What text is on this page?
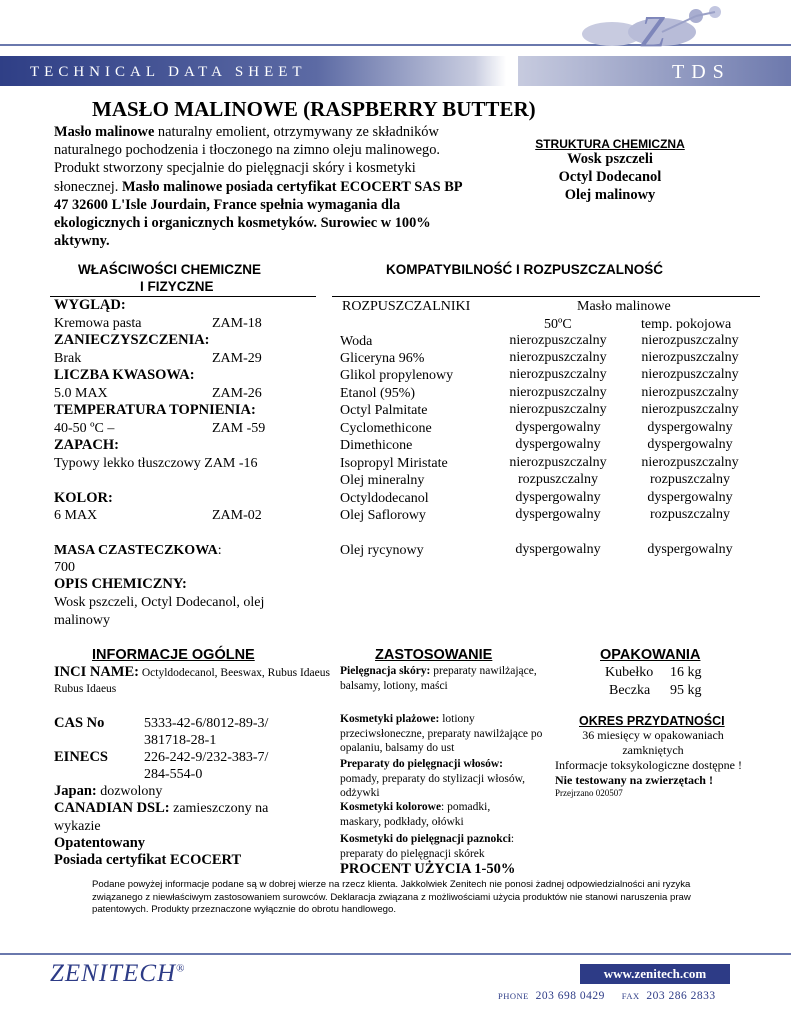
Z
TECHNICAL DATA SHEET	TDS
MASŁO MALINOWE (RASPBERRY BUTTER)
Masło malinowe naturalny emolient, otrzymywany ze składników naturalnego pochodzenia i tłoczonego na zimno oleju malinowego. Produkt stworzony specjalnie do pielęgnacji skóry i kosmetyki słonecznej. Masło malinowe posiada certyfikat ECOCERT SAS BP 47 32600 L'Isle Jourdain, France spełnia wymagania dla ekologicznych i organicznych kosmetyków. Surowiec w 100% aktywny.
STRUKTURA CHEMICZNA
Wosk pszczeli
Octyl Dodecanol
Olej malinowy
WŁAŚCIWOŚCI CHEMICZNE
I FIZYCZNE
WYGLĄD:
Kremowa pasta	ZAM-18
ZANIECZYSZCZENIA:
Brak	ZAM-29
LICZBA KWASOWA:
5.0 MAX	ZAM-26
TEMPERATURA TOPNIENIA:
40-50 ºC –	ZAM -59
ZAPACH:
Typowy lekko tłuszczowy ZAM -16
KOLOR:
6 MAX	ZAM-02
MASA CZASTECZKOWA:
700
OPIS CHEMICZNY:
Wosk pszczeli, Octyl Dodecanol, olej
malinowy
KOMPATYBILNOŚĆ I ROZPUSZCZALNOŚĆ
ROZPUSZCZALNIKI	Masło malinowe
50ºC	temp. pokojowa
Woda	nierozpuszczalny	nierozpuszczalny
Gliceryna 96%	nierozpuszczalny	nierozpuszczalny
Glikol propylenowy	nierozpuszczalny	nierozpuszczalny
Etanol (95%)	nierozpuszczalny	nierozpuszczalny
Octyl Palmitate	nierozpuszczalny	nierozpuszczalny
Cyclomethicone	dyspergowalny	dyspergowalny
Dimethicone	dyspergowalny	dyspergowalny
Isopropyl Miristate	nierozpuszczalny	nierozpuszczalny
Olej mineralny	rozpuszczalny	rozpuszczalny
Octyldodecanol	dyspergowalny	dyspergowalny
Olej Saflorowy	dyspergowalny	rozpuszczalny
Olej rycynowy	dyspergowalny	dyspergowalny
INFORMACJE OGÓLNE
INCI NAME: Octyldodecanol, Beeswax, Rubus Idaeus
Rubus Idaeus
CAS No	5333-42-6/8012-89-3/
381718-28-1
EINECS	226-242-9/232-383-7/
284-554-0
Japan: dozwolony
CANADIAN DSL: zamieszczony na
wykazie
Opatentowany
Posiada certyfikat ECOCERT
ZASTOSOWANIE
Pielęgnacja skóry: preparaty nawilżające, balsamy, lotiony, maści
Kosmetyki plażowe: lotiony przeciwsłoneczne, preparaty nawilżające po opalaniu, balsamy do ust
Preparaty do pielęgnacji włosów: pomady, preparaty do stylizacji włosów, odżywki
Kosmetyki kolorowe: pomadki, maskary, podkłady, ołówki
Kosmetyki do pielęgnacji paznokci: preparaty do pielęgnacji skórek
PROCENT UŻYCIA 1-50%
OPAKOWANIA
Kubełko 16 kg
Beczka 95 kg
OKRES PRZYDATNOŚCI
36 miesięcy w opakowaniach
zamkniętych
Informacje toksykologiczne dostępne !
Nie testowany na zwierzętach !
Przejrzano 020507
Podane powyżej informacje podane są w dobrej wierze na rzecz klienta. Jakkolwiek Zenitech nie ponosi żadnej odpowiedzialności ani ryzyka związanego z niewłaściwym zastosowaniem surowców. Deklaracja związana z możliwościami użycia produktów nie stanowi naruszenia praw patentowych. Produkty przeznaczone wyłącznie do obrotu handlowego.
ZENITECH®	www.zenitech.com
PHONE 203 698 0429 FAX 203 286 2833
